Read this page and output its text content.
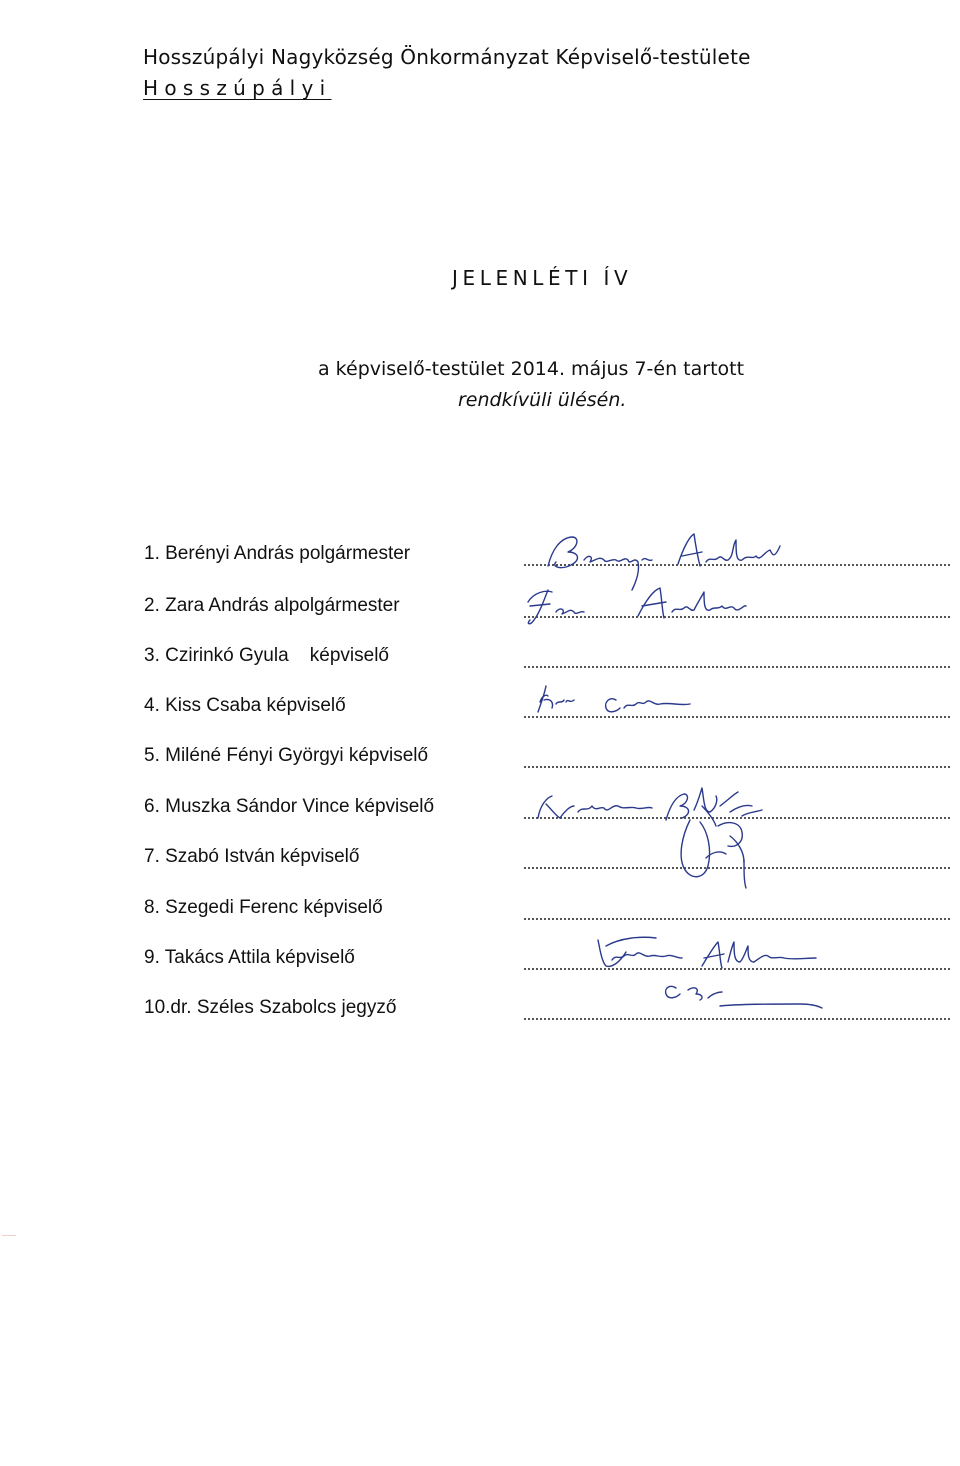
Hosszúpályi Nagyközség Önkormányzat Képviselő-testülete
Hosszúpályi
JELENLÉTI ÍV
a képviselő-testület 2014. május 7-én tartott
rendkívüli ülésén.
1. Berényi András polgármester
2. Zara András alpolgármester
3. Czirinkó Gyula    képviselő
4. Kiss Csaba képviselő
5. Miléné Fényi Györgyi képviselő
6. Muszka Sándor Vince képviselő
7. Szabó István képviselő
8. Szegedi Ferenc képviselő
9. Takács Attila képviselő
10.dr. Széles Szabolcs jegyző
